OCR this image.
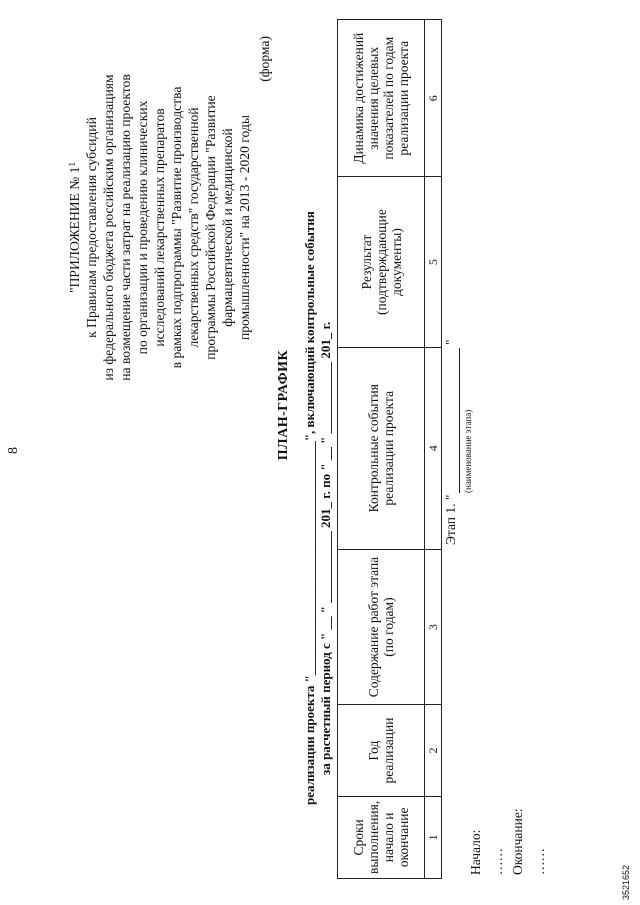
8
"ПРИЛОЖЕНИЕ № $1^1$ к Правилам предоставления субсидий из федерального бюджета российским организациям на возмещение части затрат на реализацию проектов по организации и проведению клинических исследований лекарственных препаратов в рамках подпрограммы "Развитие производства лекарственных средств" государственной программы Российской Федерации "Развитие фармацевтической и медицинской промышленности" на 2013 - 2020 годы
(форма)
ПЛАН-ГРАФИК реализации проекта "____________________________________", включающий контрольные события за расчетный период с " __ " ___________ 201_ г. по " __ " ___________ 201_ г.
Сроки выполнения, начало и окончание	Год реализации	Содержание работ этапа (по годам)	Контрольные события реализации проекта	Результат (подтверждающие документы)	Динамика достижений значения целевых показателей по годам реализации проекта
1	2	3	4	5	6
Этап 1. "
"
(наименование этапа)
Начало: …… Окончание: ……
3521652
